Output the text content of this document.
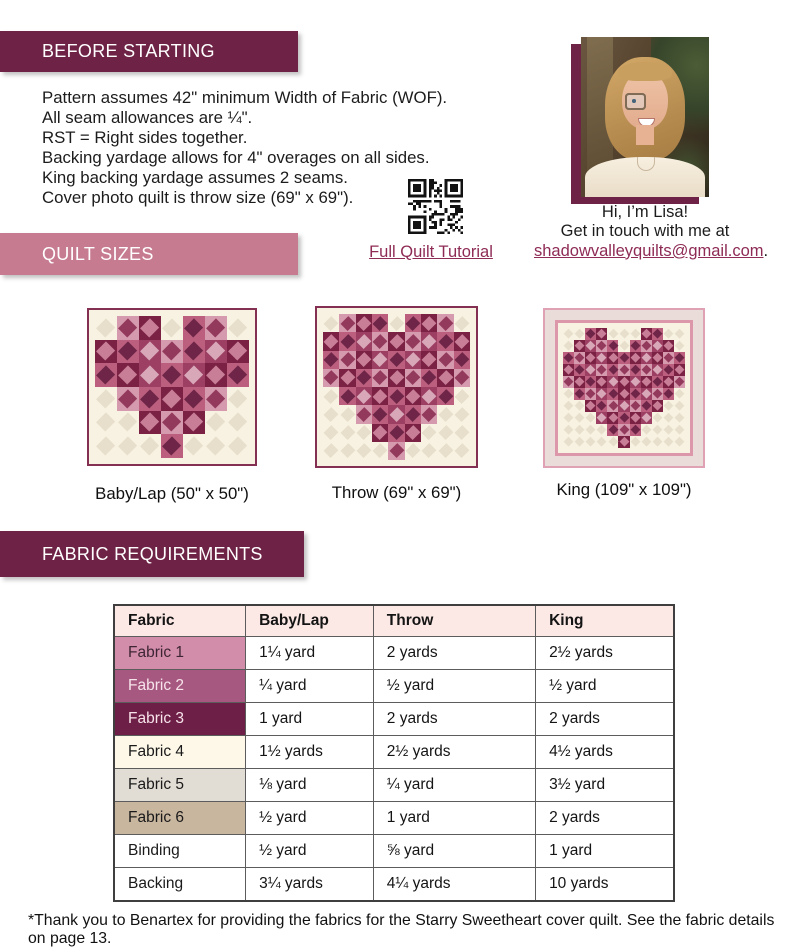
BEFORE STARTING
Pattern assumes 42" minimum Width of Fabric (WOF).
All seam allowances are ¼".
RST = Right sides together.
Backing yardage allows for 4" overages on all sides.
King backing yardage assumes 2 seams.
Cover photo quilt is throw size (69" x 69").
Full Quilt Tutorial
Hi, I’m Lisa!
Get in touch with me at
shadowvalleyquilts@gmail.com.
QUILT SIZES
Baby/Lap (50" x 50")	Throw (69" x 69")	King (109" x 109")
FABRIC REQUIREMENTS
Fabric	Baby/Lap	Throw	King
Fabric 1	1¼ yard	2 yards	2½ yards
Fabric 2	¼ yard	½ yard	½ yard
Fabric 3	1 yard	2 yards	2 yards
Fabric 4	1½ yards	2½ yards	4½ yards
Fabric 5	⅛ yard	¼ yard	3½ yard
Fabric 6	½ yard	1 yard	2 yards
Binding	½ yard	⅝ yard	1 yard
Backing	3¼ yards	4¼ yards	10 yards
*Thank you to Benartex for providing the fabrics for the Starry Sweetheart cover quilt. See the fabric details on page 13.
